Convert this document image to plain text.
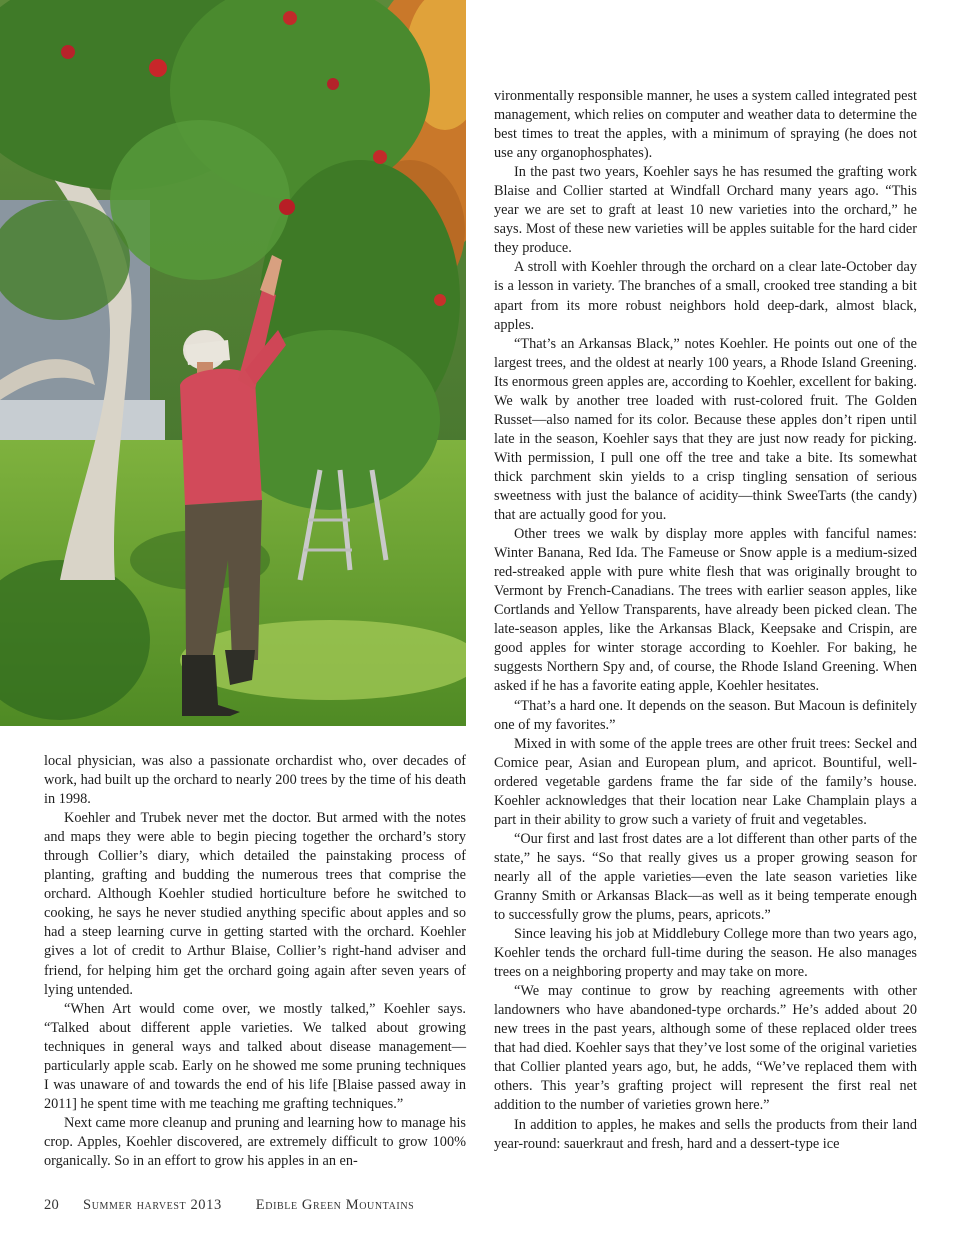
local physician, was also a passionate orchardist who, over decades of work, had built up the orchard to nearly 200 trees by the time of his death in 1998.

Koehler and Trubek never met the doctor. But armed with the notes and maps they were able to begin piecing together the orchard’s story through Collier’s diary, which detailed the painstaking process of planting, grafting and budding the numerous trees that comprise the orchard. Although Koehler studied horticulture before he switched to cooking, he says he never studied anything specific about apples and so had a steep learning curve in getting started with the orchard. Koehler gives a lot of credit to Arthur Blaise, Collier’s right-hand adviser and friend, for helping him get the orchard going again after seven years of lying untended.

“When Art would come over, we mostly talked,” Koehler says. “Talked about different apple varieties. We talked about growing techniques in general ways and talked about disease management—particularly apple scab. Early on he showed me some pruning techniques I was unaware of and towards the end of his life [Blaise passed away in 2011] he spent time with me teaching me grafting techniques.”

Next came more cleanup and pruning and learning how to manage his crop. Apples, Koehler discovered, are extremely difficult to grow 100% organically. So in an effort to grow his apples in an en-

vironmentally responsible manner, he uses a system called integrated pest management, which relies on computer and weather data to determine the best times to treat the apples, with a minimum of spraying (he does not use any organophosphates).

In the past two years, Koehler says he has resumed the grafting work Blaise and Collier started at Windfall Orchard many years ago. “This year we are set to graft at least 10 new varieties into the orchard,” he says. Most of these new varieties will be apples suitable for the hard cider they produce.

A stroll with Koehler through the orchard on a clear late-October day is a lesson in variety. The branches of a small, crooked tree standing a bit apart from its more robust neighbors hold deep-dark, almost black, apples.

“That’s an Arkansas Black,” notes Koehler. He points out one of the largest trees, and the oldest at nearly 100 years, a Rhode Island Greening. Its enormous green apples are, according to Koehler, excellent for baking. We walk by another tree loaded with rust-colored fruit. The Golden Russet—also named for its color. Because these apples don’t ripen until late in the season, Koehler says that they are just now ready for picking. With permission, I pull one off the tree and take a bite. Its somewhat thick parchment skin yields to a crisp tingling sensation of serious sweetness with just the balance of acidity—think SweeTarts (the candy) that are actually good for you.

Other trees we walk by display more apples with fanciful names: Winter Banana, Red Ida. The Fameuse or Snow apple is a medium-sized red-streaked apple with pure white flesh that was originally brought to Vermont by French-Canadians. The trees with earlier season apples, like Cortlands and Yellow Transparents, have already been picked clean. The late-season apples, like the Arkansas Black, Keepsake and Crispin, are good apples for winter storage according to Koehler. For baking, he suggests Northern Spy and, of course, the Rhode Island Greening. When asked if he has a favorite eating apple, Koehler hesitates.

“That’s a hard one. It depends on the season. But Macoun is definitely one of my favorites.”

Mixed in with some of the apple trees are other fruit trees: Seckel and Comice pear, Asian and European plum, and apricot. Bountiful, well-ordered vegetable gardens frame the far side of the family’s house. Koehler acknowledges that their location near Lake Champlain plays a part in their ability to grow such a variety of fruit and vegetables.

“Our first and last frost dates are a lot different than other parts of the state,” he says. “So that really gives us a proper growing season for nearly all of the apple varieties—even the late season varieties like Granny Smith or Arkansas Black—as well as it being temperate enough to successfully grow the plums, pears, apricots.”

Since leaving his job at Middlebury College more than two years ago, Koehler tends the orchard full-time during the season. He also manages trees on a neighboring property and may take on more.

“We may continue to grow by reaching agreements with other landowners who have abandoned-type orchards.” He’s added about 20 new trees in the past years, although some of these replaced older trees that had died. Koehler says that they’ve lost some of the original varieties that Collier planted years ago, but, he adds, “We’ve replaced them with others. This year’s grafting project will represent the first real net addition to the number of varieties grown here.”

In addition to apples, he makes and sells the products from their land year-round: sauerkraut and fresh, hard and a dessert-type ice

20 Summer harvest 2013 Edible Green Mountains
